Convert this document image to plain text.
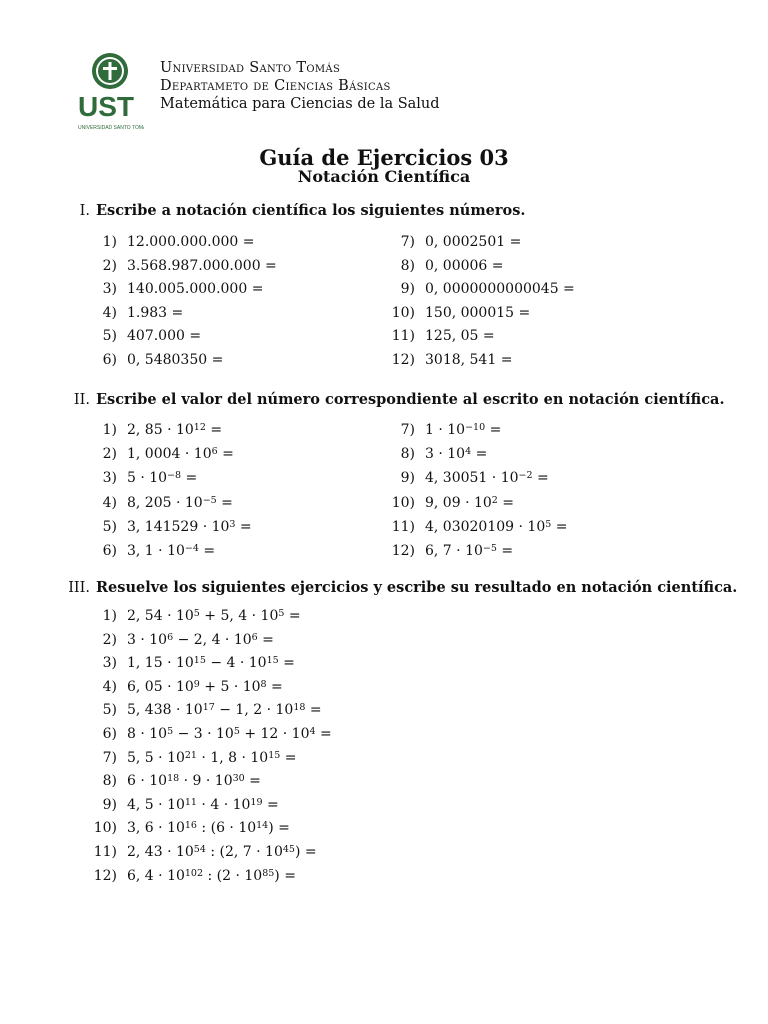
UST
UNIVERSIDAD SANTO TOMÁS
Universidad Santo Tomás
Departameto de Ciencias Básicas
Matemática para Ciencias de la Salud
Guía de Ejercicios 03
Notación Científica
I. Escribe a notación científica los siguientes números.
1) 12.000.000.000 =
2) 3.568.987.000.000 =
3) 140.005.000.000 =
4) 1.983 =
5) 407.000 =
6) 0, 5480350 =
7) 0, 0002501 =
8) 0, 00006 =
9) 0, 0000000000045 =
10) 150, 000015 =
11) 125, 05 =
12) 3018, 541 =
II. Escribe el valor del número correspondiente al escrito en notación científica.
1) 2, $85 \cdot 10^{12}$ =
2) 1, $0004 \cdot 10^6$ =
3) $5 \cdot 10^{-8}$ =
4) 8, $205 \cdot 10^{-5}$ =
5) 3, $141529 \cdot 10^3$ =
6) 3, $1 \cdot 10^{-4}$ =
7) $1 \cdot 10^{-10}$ =
8) $3 \cdot 10^4$ =
9) 4, $30051 \cdot 10^{-2}$ =
10) 9, $09 \cdot 10^2$ =
11) 4, $03020109 \cdot 10^5$ =
12) 6, $7 \cdot 10^{-5}$ =
III. Resuelve los siguientes ejercicios y escribe su resultado en notación científica.
1) 2, $54 \cdot 10^5 + 5$, $4 \cdot 10^5$ =
2) $3 \cdot 10^6 - 2$, $4 \cdot 10^6$ =
3) 1, $15 \cdot 10^{15} - 4 \cdot 10^{15}$ =
4) 6, $05 \cdot 10^9 + 5 \cdot 10^8$ =
5) 5, $438 \cdot 10^{17} - 1$, $2 \cdot 10^{18}$ =
6) $8 \cdot 10^5 - 3 \cdot 10^5 + 12 \cdot 10^4$ =
7) 5, $5 \cdot 10^{21} \cdot 1$, $8 \cdot 10^{15}$ =
8) $6 \cdot 10^{18} \cdot 9 \cdot 10^{30}$ =
9) 4, $5 \cdot 10^{11} \cdot 4 \cdot 10^{19}$ =
10) 3, $6 \cdot 10^{16}$ : $(6 \cdot 10^{14})$ =
11) 2, $43 \cdot 10^{54}$ : (2, $7 \cdot 10^{45}$) =
12) 6, $4 \cdot 10^{102}$ : $(2 \cdot 10^{85})$ =
